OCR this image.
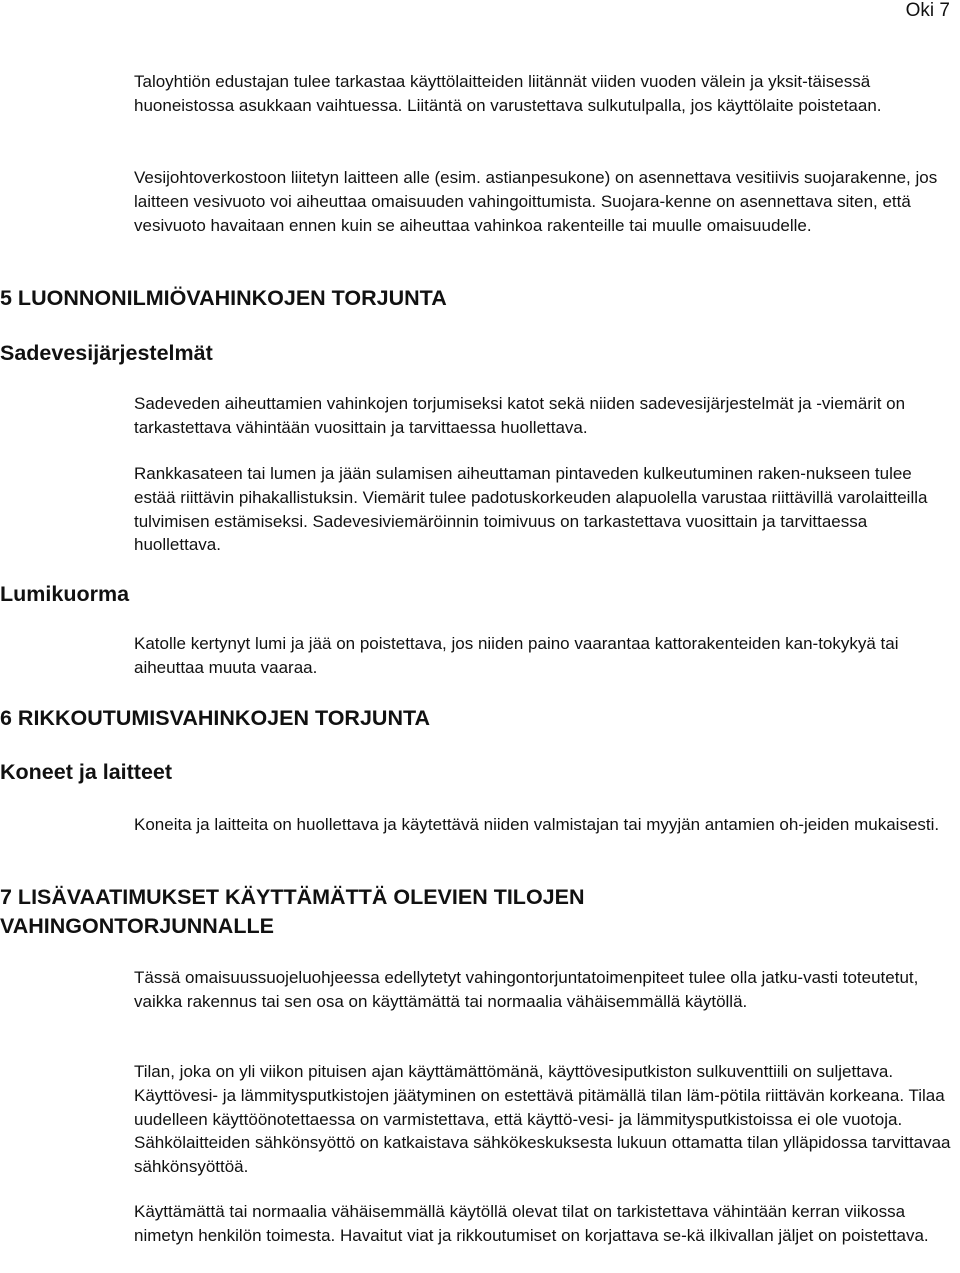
Oki 7

Taloyhtiön edustajan tulee tarkastaa käyttölaitteiden liitännät viiden vuoden välein ja yksit-täisessä huoneistossa asukkaan vaihtuessa. Liitäntä on varustettava sulkutulpalla, jos käyttölaite poistetaan.

Vesijohtoverkostoon liitetyn laitteen alle (esim. astianpesukone) on asennettava vesitiivis suojarakenne, jos laitteen vesivuoto voi aiheuttaa omaisuuden vahingoittumista. Suojara-kenne on asennettava siten, että vesivuoto havaitaan ennen kuin se aiheuttaa vahinkoa rakenteille tai muulle omaisuudelle.

5 LUONNONILMIÖVAHINKOJEN TORJUNTA
Sadevesijärjestelmät

Sadeveden aiheuttamien vahinkojen torjumiseksi katot sekä niiden sadevesijärjestelmät ja -viemärit on tarkastettava vähintään vuosittain ja tarvittaessa huollettava.

Rankkasateen tai lumen ja jään sulamisen aiheuttaman pintaveden kulkeutuminen raken-nukseen tulee estää riittävin pihakallistuksin. Viemärit tulee padotuskorkeuden alapuolella varustaa riittävillä varolaitteilla tulvimisen estämiseksi. Sadevesiviemäröinnin toimivuus on tarkastettava vuosittain ja tarvittaessa huollettava.

Lumikuorma

Katolle kertynyt lumi ja jää on poistettava, jos niiden paino vaarantaa kattorakenteiden kan-tokykyä tai aiheuttaa muuta vaaraa.

6 RIKKOUTUMISVAHINKOJEN TORJUNTA
Koneet ja laitteet

Koneita ja laitteita on huollettava ja käytettävä niiden valmistajan tai myyjän antamien oh-jeiden mukaisesti.

7 LISÄVAATIMUKSET KÄYTTÄMÄTTÄ OLEVIEN TILOJEN VAHINGONTORJUNNALLE

Tässä omaisuussuojeluohjeessa edellytetyt vahingontorjuntatoimenpiteet tulee olla jatku-vasti toteutetut, vaikka rakennus tai sen osa on käyttämättä tai normaalia vähäisemmällä käytöllä.

Tilan, joka on yli viikon pituisen ajan käyttämättömänä, käyttövesiputkiston sulkuventtiili on suljettava. Käyttövesi- ja lämmitysputkistojen jäätyminen on estettävä pitämällä tilan läm-pötila riittävän korkeana. Tilaa uudelleen käyttöönotettaessa on varmistettava, että käyttö-vesi- ja lämmitysputkistoissa ei ole vuotoja. Sähkölaitteiden sähkönsyöttö on katkaistava sähkökeskuksesta lukuun ottamatta tilan ylläpidossa tarvittavaa sähkönsyöttöä.

Käyttämättä tai normaalia vähäisemmällä käytöllä olevat tilat on tarkistettava vähintään kerran viikossa nimetyn henkilön toimesta. Havaitut viat ja rikkoutumiset on korjattava se-kä ilkivallan jäljet on poistettava.
